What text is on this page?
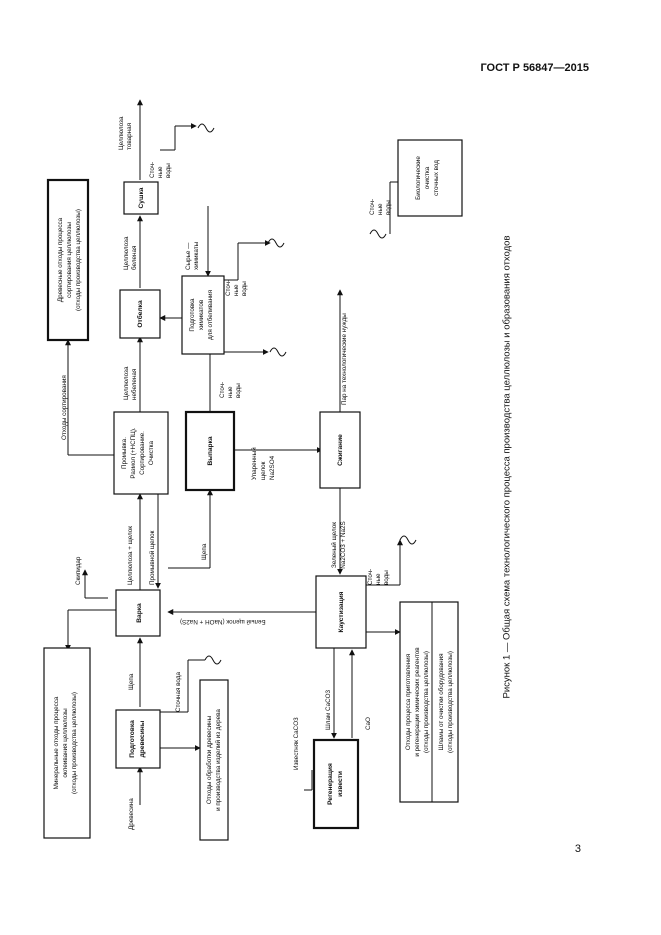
ГОСТ Р 56847—2015
3
Рисунок 1 — Общая схема технологического процесса производства целлюлозы и образования отходов
Минеральные отходы процесса оклеивания целлюлозы (отходы производства целлюлозы)	Подготовка древесины	Отходы обработки древесины и производства изделий из дерева
Варка
Промывка. Размол (+НСПЦ). Сортирование. Очистка	Выпарка	Сжигание
Каустизация
Регенерация извести
Отбелка
Сушка
Подготовка химикатов для отбеливания
Древесные отходы процесса сортирования целлюлозы (отходы производства целлюлозы)
Биологические очистка сточных вод
Отходы процесса приготовления и регенерации химических реагентов (отходы производства целлюлозы) Шламы от очистки оборудования (отходы производства целлюлозы)
Древесина
Щепа	Сточная вода
Скипидар	Целлюлоза + щелок Промывной щелок	Щепа
Белый щелок (NaOH + Na2S)
Зеленый щелок Na2CO3 + Na2S
Упаренный щелок Na2SO4
Пар на технологические нужды
Целлюлозанебеленая
Целлюлозабеленая
Целлюлозатоварная
Сырье —химикаты
Отходы сортирования
Известняк CaCO3
Шлам CaCO3	CaO
Сточ-ныеводы
Сточ-ныеводы
Сточ-ныеводы
Сточ-ныеводы
Сточ-ныеводы
